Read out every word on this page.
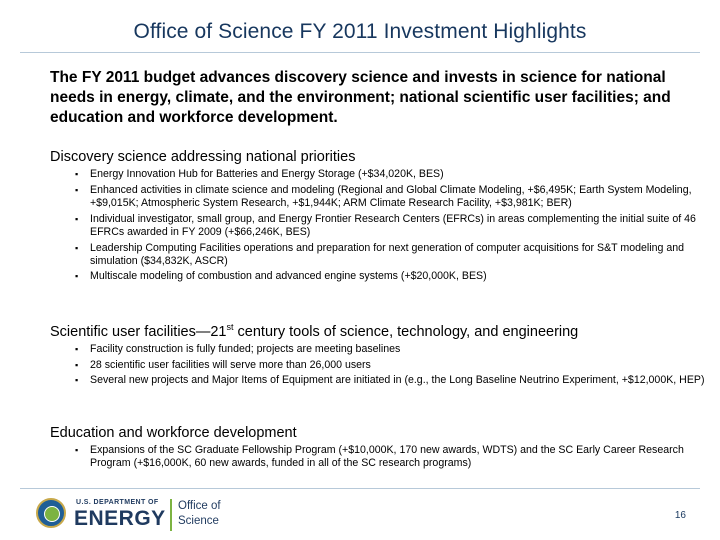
Office of Science FY 2011 Investment Highlights
The FY 2011 budget advances discovery science and invests in science for national needs in energy, climate, and the environment; national scientific user facilities; and education and workforce development.
Discovery science addressing national priorities
▪ Energy Innovation Hub for Batteries and Energy Storage (+$34,020K, BES)
▪ Enhanced activities in climate science and modeling (Regional and Global Climate Modeling, +$6,495K; Earth System Modeling, +$9,015K; Atmospheric System Research, +$1,944K; ARM Climate Research Facility, +$3,981K; BER)
▪ Individual investigator, small group, and Energy Frontier Research Centers (EFRCs) in areas complementing the initial suite of 46 EFRCs awarded in FY 2009 (+$66,246K, BES)
▪ Leadership Computing Facilities operations and preparation for next generation of computer acquisitions for S&T modeling and simulation ($34,832K, ASCR)
▪ Multiscale modeling of combustion and advanced engine systems (+$20,000K, BES)
Scientific user facilities—21st century tools of science, technology, and engineering
▪ Facility construction is fully funded; projects are meeting baselines
▪ 28 scientific user facilities will serve more than 26,000 users
▪ Several new projects and Major Items of Equipment are initiated in (e.g., the Long Baseline Neutrino Experiment, +$12,000K, HEP)
Education and workforce development
▪ Expansions of the SC Graduate Fellowship Program (+$10,000K, 170 new awards, WDTS) and the SC Early Career Research Program (+$16,000K, 60 new awards, funded in all of the SC research programs)
U.S. DEPARTMENT OF
ENERGY
Office of
Science	16
